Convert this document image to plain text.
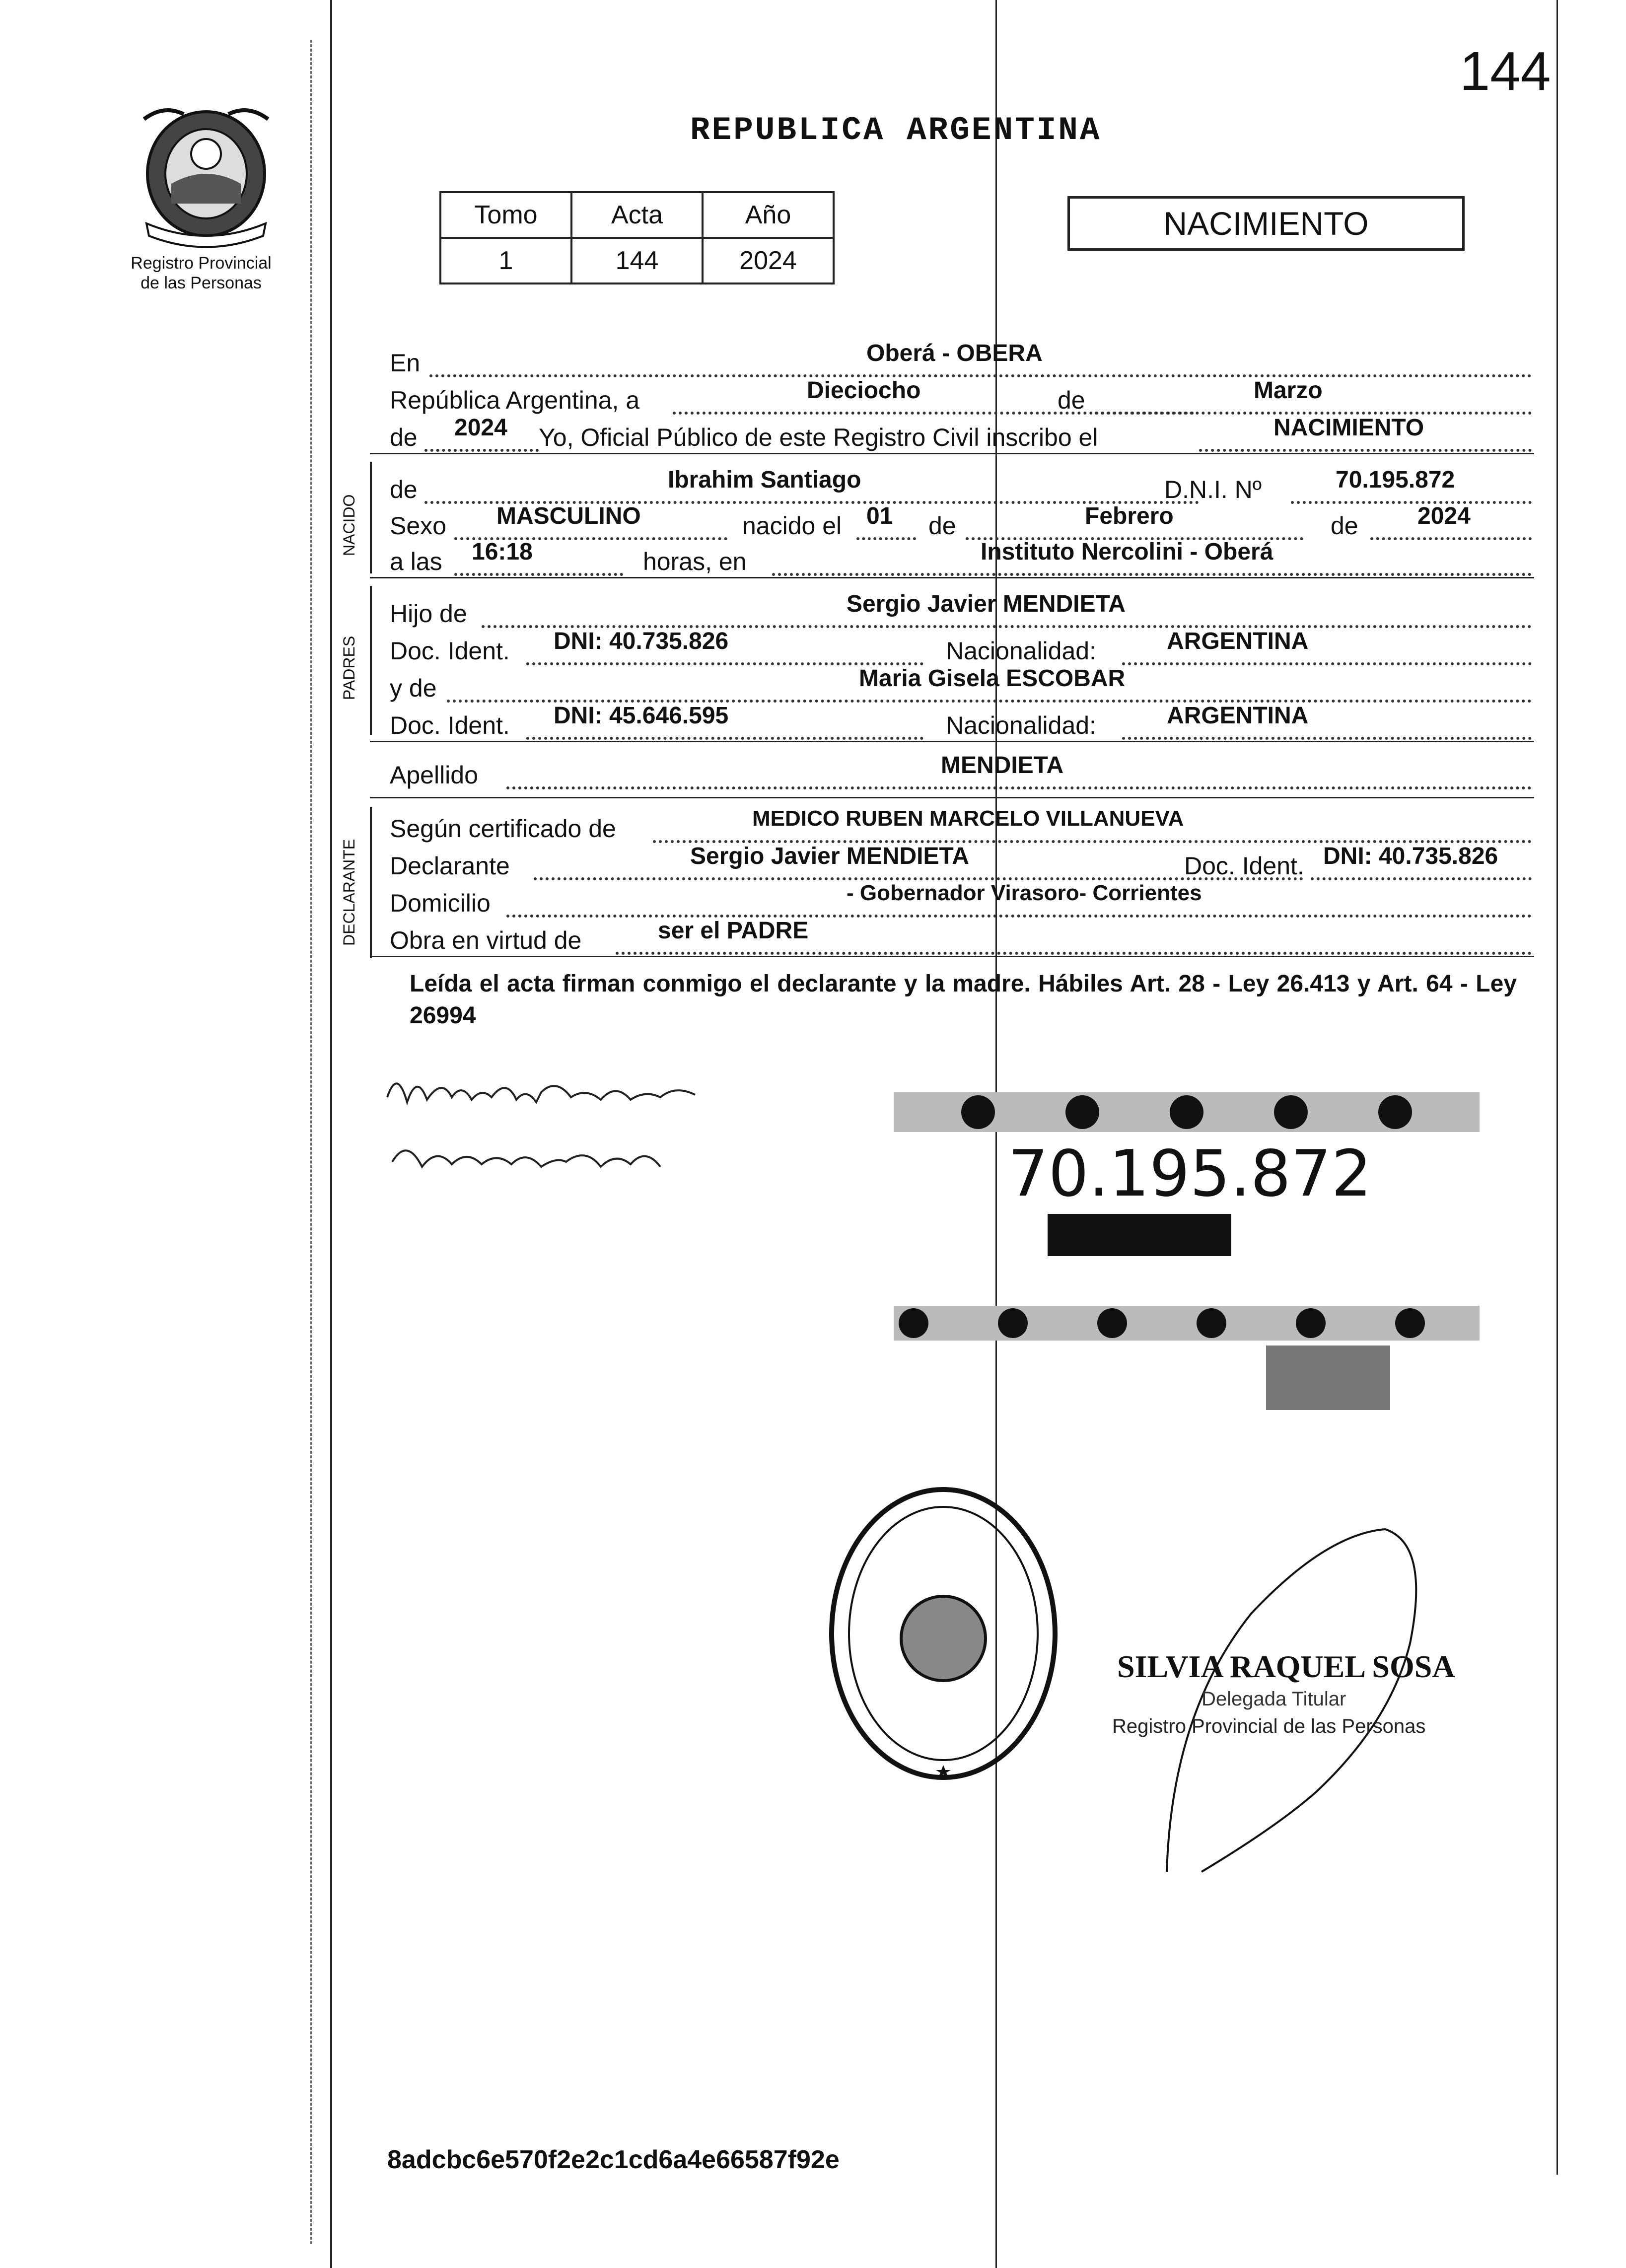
144
Registro Provincial
de las Personas
REPUBLICA ARGENTINA
Tomo	Acta	Año
1	144	2024
NACIMIENTO
En	Oberá - OBERA
República Argentina, a	Dieciocho	de	Marzo
de 2024 Yo, Oficial Público de este Registro Civil inscribo el	NACIMIENTO
NACIDO
de	Ibrahim Santiago	D.N.I. Nº	70.195.872
Sexo MASCULINO	nacido el 01 de	Febrero	de 2024
a las 16:18	horas, en	Instituto Nercolini - Oberá
PADRES
Hijo de	Sergio Javier MENDIETA
Doc. Ident. DNI: 40.735.826	Nacionalidad:	ARGENTINA
y de	Maria Gisela ESCOBAR
Doc. Ident. DNI: 45.646.595	Nacionalidad:	ARGENTINA
Apellido	MENDIETA
DECLARANTE
Según certificado de	MEDICO RUBEN MARCELO VILLANUEVA
Declarante	Sergio Javier MENDIETA	Doc. Ident. DNI: 40.735.826
Domicilio	- Gobernador Virasoro- Corrientes
Obra en virtud de	ser el PADRE
Leída el acta firman conmigo el declarante y la madre. Hábiles Art. 28 - Ley 26.413 y Art. 64 - Ley 26994
70.195.872
SILVIA RAQUEL SOSA
Delegada Titular
Registro Provincial de las Personas
8adcbc6e570f2e2c1cd6a4e66587f92e
